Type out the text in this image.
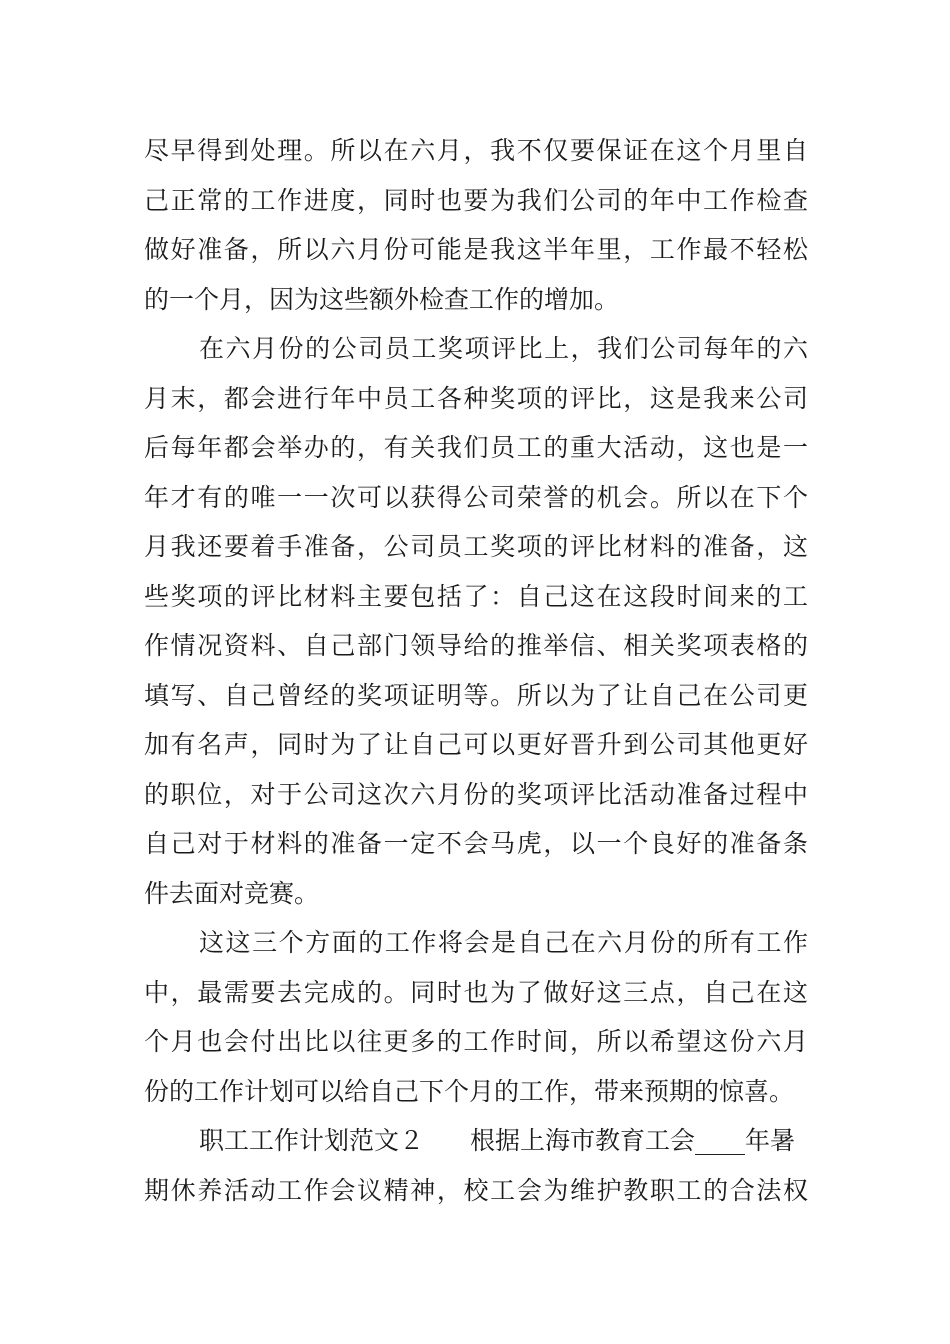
尽早得到处理。所以在六月，我不仅要保证在这个月里自
己正常的工作进度，同时也要为我们公司的年中工作检查
做好准备，所以六月份可能是我这半年里，工作最不轻松
的一个月，因为这些额外检查工作的增加。
在六月份的公司员工奖项评比上，我们公司每年的六
月末，都会进行年中员工各种奖项的评比，这是我来公司
后每年都会举办的，有关我们员工的重大活动，这也是一
年才有的唯一一次可以获得公司荣誉的机会。所以在下个
月我还要着手准备，公司员工奖项的评比材料的准备，这
些奖项的评比材料主要包括了：自己这在这段时间来的工
作情况资料、自己部门领导给的推举信、相关奖项表格的
填写、自己曾经的奖项证明等。所以为了让自己在公司更
加有名声，同时为了让自己可以更好晋升到公司其他更好
的职位，对于公司这次六月份的奖项评比活动准备过程中
自己对于材料的准备一定不会马虎，以一个良好的准备条
件去面对竞赛。
这这三个方面的工作将会是自己在六月份的所有工作
中，最需要去完成的。同时也为了做好这三点，自己在这
个月也会付出比以往更多的工作时间，所以希望这份六月
份的工作计划可以给自己下个月的工作，带来预期的惊喜。
职工工作计划范文２ 根据上海市教育工会____年暑
期休养活动工作会议精神，校工会为维护教职工的合法权
